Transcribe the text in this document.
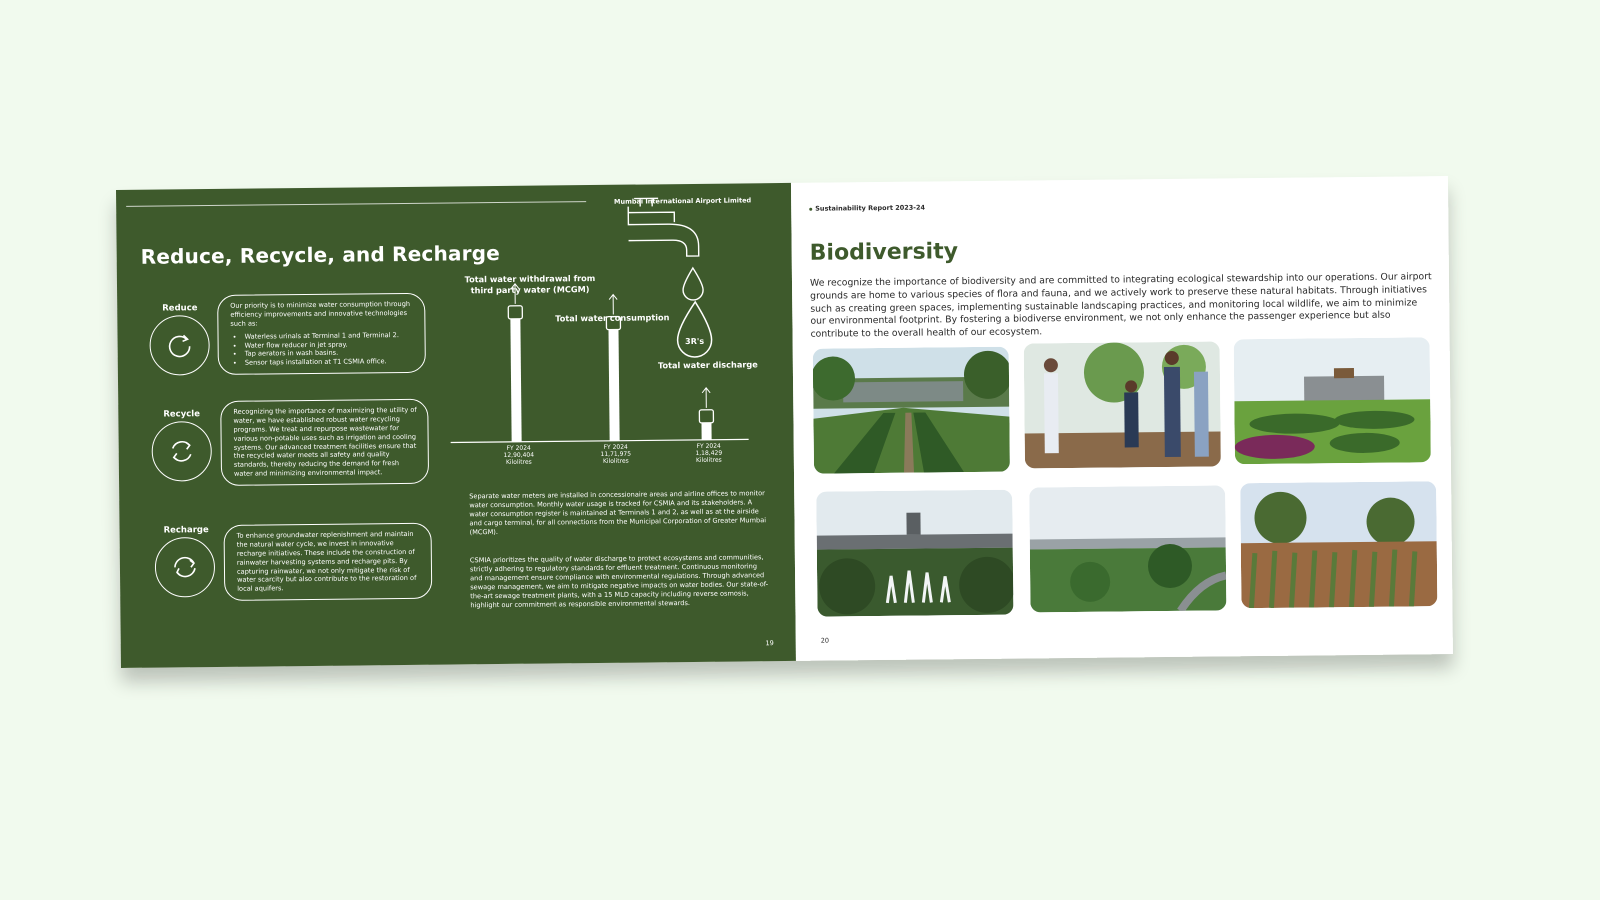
Mumbai International Airport Limited
Reduce, Recycle, and Recharge
Reduce	Our priority is to minimize water consumption through efficiency improvements and innovative technologies such as:

• Waterless urinals at Terminal 1 and Terminal 2.
• Water flow reducer in jet spray.
• Tap aerators in wash basins.
• Sensor taps installation at T1 CSMIA office.
Recycle	Recognizing the importance of maximizing the utility of water, we have established robust water recycling programs. We treat and repurpose wastewater for various non-potable uses such as irrigation and cooling systems. Our advanced treatment facilities ensure that the recycled water meets all safety and quality standards, thereby reducing the demand for fresh water and minimizing environmental impact.

Recharge	To enhance groundwater replenishment and maintain the natural water cycle, we invest in innovative recharge initiatives. These include the construction of rainwater harvesting systems and recharge pits. By capturing rainwater, we not only mitigate the risk of water scarcity but also contribute to the restoration of local aquifers.

3R's
Total water withdrawal from third party water (MCGM)
Total water consumption
Total water discharge
FY 2024
12,90,404
Kilolitres
FY 2024
11,71,975
Kilolitres
FY 2024
1,18,429
Kilolitres

Separate water meters are installed in concessionaire areas and airline offices to monitor water consumption. Monthly water usage is tracked for CSMIA and its stakeholders. A water consumption register is maintained at Terminals 1 and 2, as well as at the airside and cargo terminal, for all connections from the Municipal Corporation of Greater Mumbai (MCGM).

CSMIA prioritizes the quality of water discharge to protect ecosystems and communities, strictly adhering to regulatory standards for effluent treatment. Continuous monitoring and management ensure compliance with environmental regulations. Through advanced sewage management, we aim to mitigate negative impacts on water bodies. Our state-of-the-art sewage treatment plants, with a 15 MLD capacity including reverse osmosis, highlight our commitment as responsible environmental stewards.

19
Sustainability Report 2023-24
Biodiversity

We recognize the importance of biodiversity and are committed to integrating ecological stewardship into our operations. Our airport grounds are home to various species of flora and fauna, and we actively work to preserve these natural habitats. Through initiatives such as creating green spaces, implementing sustainable landscaping practices, and monitoring local wildlife, we aim to minimize our environmental footprint. By fostering a biodiverse environment, we not only enhance the passenger experience but also contribute to the overall health of our ecosystem.

20
